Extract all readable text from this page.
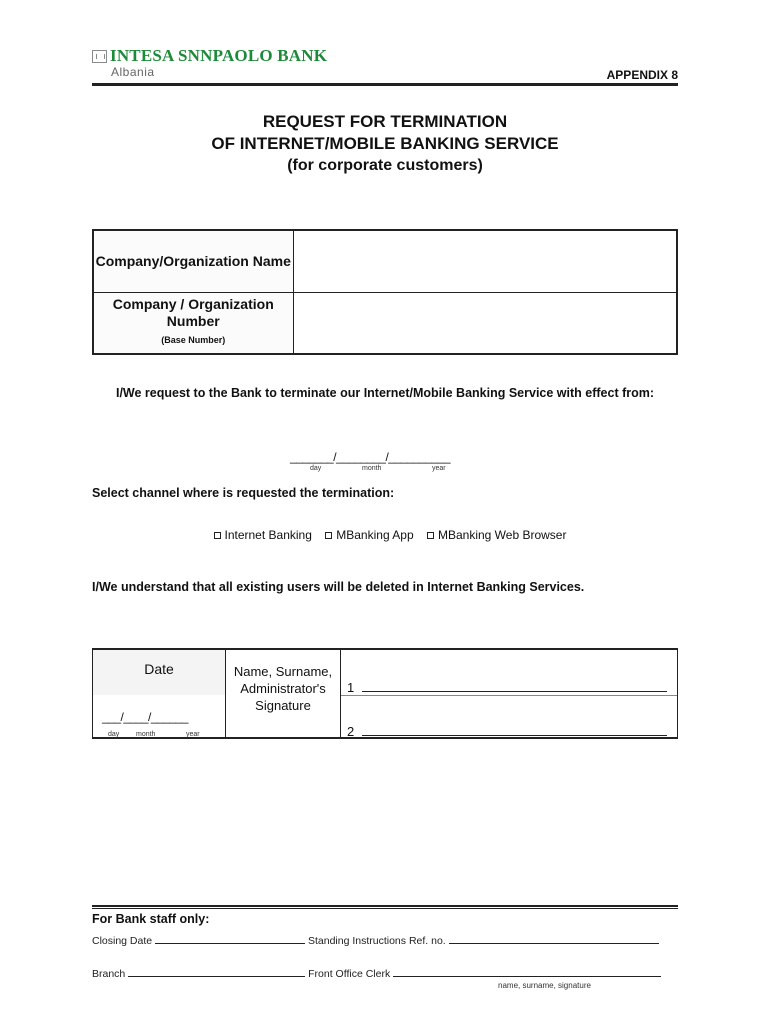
INTESA SNNPAOLO BANK
Albania	APPENDIX 8
REQUEST FOR TERMINATION
OF INTERNET/MOBILE BANKING SERVICE
(for corporate customers)
Company/Organization Name	
Company / Organization Number
(Base Number)	

I/We request to the Bank to terminate our Internet/Mobile Banking Service with effect from:
_______/________/__________
day	month	year
Select channel where is requested the termination:
Internet Banking MBanking App MBanking Web Browser
I/We understand that all existing users will be deleted in Internet Banking Services.
Date
___/____/______
day month	year
Name, Surname, Administrator's Signature
1
2
For Bank staff only:
Closing Date	Standing Instructions Ref. no.
Branch	Front Office Clerk
name, surname, signature
